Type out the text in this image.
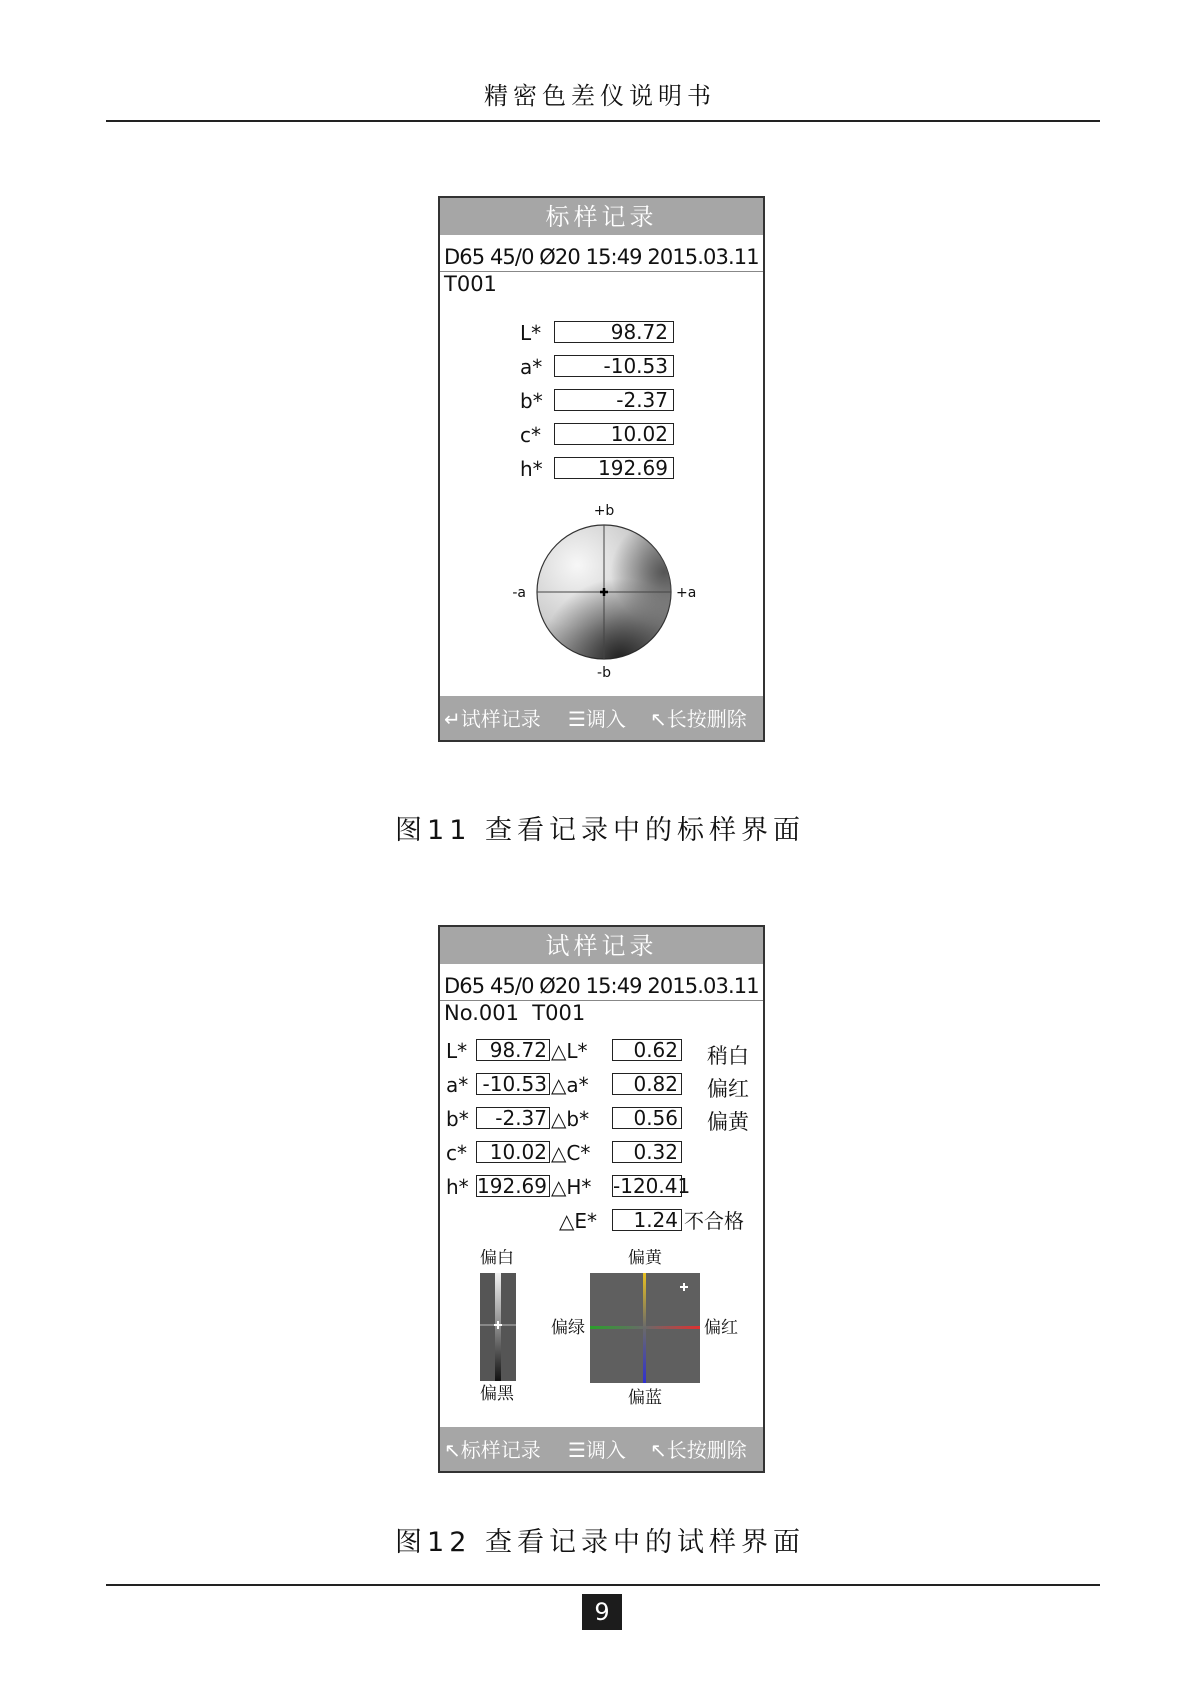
精密色差仪说明书
标样记录
D65 45/0 Ø20 15:49 2015.03.11
T001
L*	98.72
a*	-10.53
b*	-2.37
c*	10.02
h*	192.69
+b
-a	+a
-b
↵试样记录 ☰调入 ↖长按删除
图11 查看记录中的标样界面
试样记录
D65 45/0 Ø20 15:49 2015.03.11
No.001  T001
L*	98.72 △L*	0.62 稍白
a* -10.53 △a*	0.82 偏红
b*	-2.37 △b*	0.56 偏黄
c*	10.02 △C*	0.32
h* 192.69 △H* -120.41
△E*	1.24 不合格
偏白
偏黑
偏黄
偏绿	偏红
偏蓝
↖标样记录 ☰调入 ↖长按删除
图12 查看记录中的试样界面
9
